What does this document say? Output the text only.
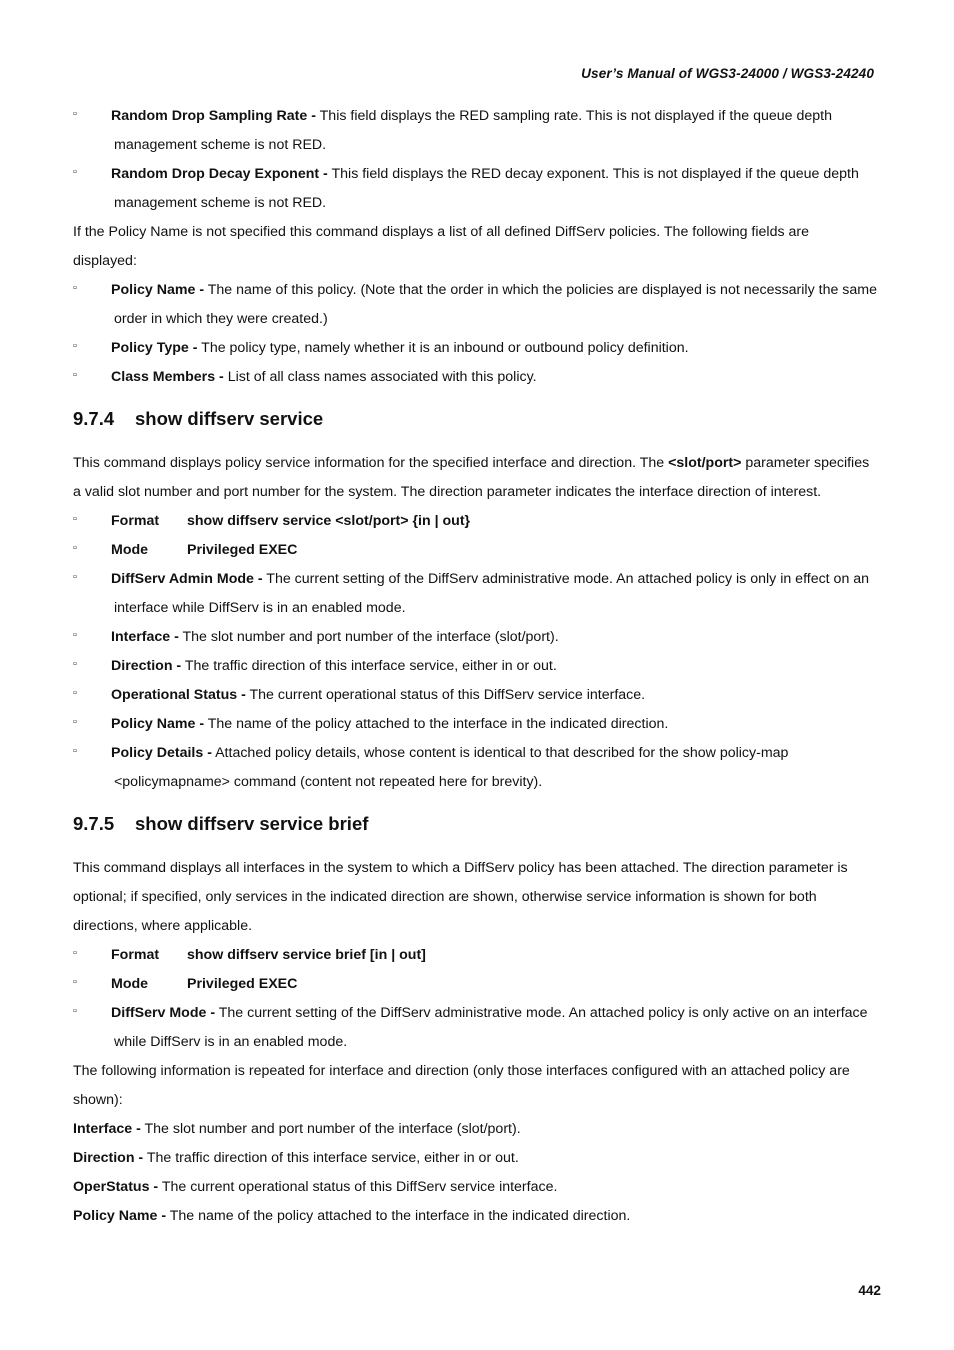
User’s Manual of WGS3-24000 / WGS3-24240
▫	Random Drop Sampling Rate - This field displays the RED sampling rate. This is not displayed if the queue depth
management scheme is not RED.
▫	Random Drop Decay Exponent - This field displays the RED decay exponent. This is not displayed if the queue depth
management scheme is not RED.
If the Policy Name is not specified this command displays a list of all defined DiffServ policies. The following fields are
displayed:
▫	Policy Name - The name of this policy. (Note that the order in which the policies are displayed is not necessarily the same
order in which they were created.)
▫	Policy Type - The policy type, namely whether it is an inbound or outbound policy definition.
▫	Class Members - List of all class names associated with this policy.
9.7.4 show diffserv service
This command displays policy service information for the specified interface and direction. The <slot/port> parameter specifies
a valid slot number and port number for the system. The direction parameter indicates the interface direction of interest.
▫	Format show diffserv service <slot/port> {in | out}
▫	Mode	Privileged EXEC
▫	DiffServ Admin Mode - The current setting of the DiffServ administrative mode. An attached policy is only in effect on an
interface while DiffServ is in an enabled mode.
▫	Interface - The slot number and port number of the interface (slot/port).
▫	Direction - The traffic direction of this interface service, either in or out.
▫	Operational Status - The current operational status of this DiffServ service interface.
▫	Policy Name - The name of the policy attached to the interface in the indicated direction.
▫	Policy Details - Attached policy details, whose content is identical to that described for the show policy-map
<policymapname> command (content not repeated here for brevity).
9.7.5 show diffserv service brief
This command displays all interfaces in the system to which a DiffServ policy has been attached. The direction parameter is
optional; if specified, only services in the indicated direction are shown, otherwise service information is shown for both
directions, where applicable.
▫	Format show diffserv service brief [in | out]
▫	Mode	Privileged EXEC
▫	DiffServ Mode - The current setting of the DiffServ administrative mode. An attached policy is only active on an interface
while DiffServ is in an enabled mode.
The following information is repeated for interface and direction (only those interfaces configured with an attached policy are
shown):
Interface - The slot number and port number of the interface (slot/port).
Direction - The traffic direction of this interface service, either in or out.
OperStatus - The current operational status of this DiffServ service interface.
Policy Name - The name of the policy attached to the interface in the indicated direction.
442
